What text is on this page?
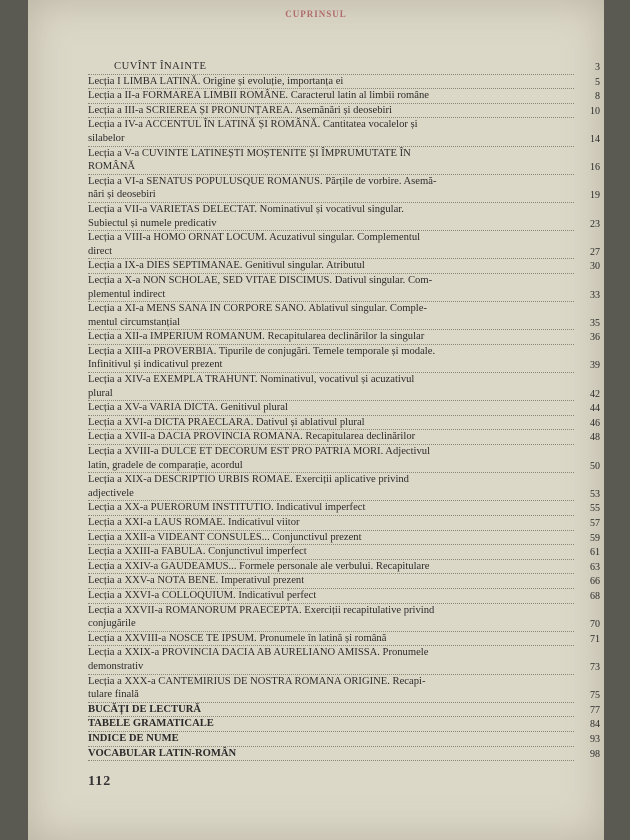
CUPRINSUL
CUVÎNT ÎNAINTE	3
Lecția I LIMBA LATINĂ. Origine și evoluție, importanța ei	5
Lecția a II-a FORMAREA LIMBII ROMÂNE. Caracterul latin al limbii române	8
Lecția a III-a SCRIEREA ȘI PRONUNȚAREA. Asemănări și deosebiri	10
Lecția a IV-a ACCENTUL ÎN LATINĂ ȘI ROMÂNĂ. Cantitatea vocalelor și
silabelor	14
Lecția a V-a CUVINTE LATINEȘTI MOȘTENITE ȘI ÎMPRUMUTATE ÎN
ROMÂNĂ	16
Lecția a VI-a SENATUS POPULUSQUE ROMANUS. Părțile de vorbire. Asemă-
nări și deosebiri	19
Lecția a VII-a VARIETAS DELECTAT. Nominativul și vocativul singular.
Subiectul și numele predicativ	23
Lecția a VIII-a HOMO ORNAT LOCUM. Acuzativul singular. Complementul
direct	27
Lecția a IX-a DIES SEPTIMANAE. Genitivul singular. Atributul	30
Lecția a X-a NON SCHOLAE, SED VITAE DISCIMUS. Dativul singular. Com-
plementul indirect	33
Lecția a XI-a MENS SANA IN CORPORE SANO. Ablativul singular. Comple-
mentul circumstanțial	35
Lecția a XII-a IMPERIUM ROMANUM. Recapitularea declinărilor la singular	36
Lecția a XIII-a PROVERBIA. Tipurile de conjugări. Temele temporale și modale.
Infinitivul și indicativul prezent	39
Lecția a XIV-a EXEMPLA TRAHUNT. Nominativul, vocativul și acuzativul
plural	42
Lecția a XV-a VARIA DICTA. Genitivul plural	44
Lecția a XVI-a DICTA PRAECLARA. Dativul și ablativul plural	46
Lecția a XVII-a DACIA PROVINCIA ROMANA. Recapitularea declinărilor	48
Lecția a XVIII-a DULCE ET DECORUM EST PRO PATRIA MORI. Adjectivul
latin, gradele de comparație, acordul	50
Lecția a XIX-a DESCRIPTIO URBIS ROMAE. Exerciții aplicative privind
adjectivele	53
Lecția a XX-a PUERORUM INSTITUTIO. Indicativul imperfect	55
Lecția a XXI-a LAUS ROMAE. Indicativul viitor	57
Lecția a XXII-a VIDEANT CONSULES... Conjunctivul prezent	59
Lecția a XXIII-a FABULA. Conjunctivul imperfect	61
Lecția a XXIV-a GAUDEAMUS... Formele personale ale verbului. Recapitulare	63
Lecția a XXV-a NOTA BENE. Imperativul prezent	66
Lecția a XXVI-a COLLOQUIUM. Indicativul perfect	68
Lecția a XXVII-a ROMANORUM PRAECEPTA. Exerciții recapitulative privind
conjugările	70
Lecția a XXVIII-a NOSCE TE IPSUM. Pronumele în latină și română	71
Lecția a XXIX-a PROVINCIA DACIA AB AURELIANO AMISSA. Pronumele
demonstrativ	73
Lecția a XXX-a CANTEMIRIUS DE NOSTRA ROMANA ORIGINE. Recapi-
tulare finală	75
BUCĂȚI DE LECTURĂ	77
TABELE GRAMATICALE	84
INDICE DE NUME	93
VOCABULAR LATIN-ROMÂN	98
112
